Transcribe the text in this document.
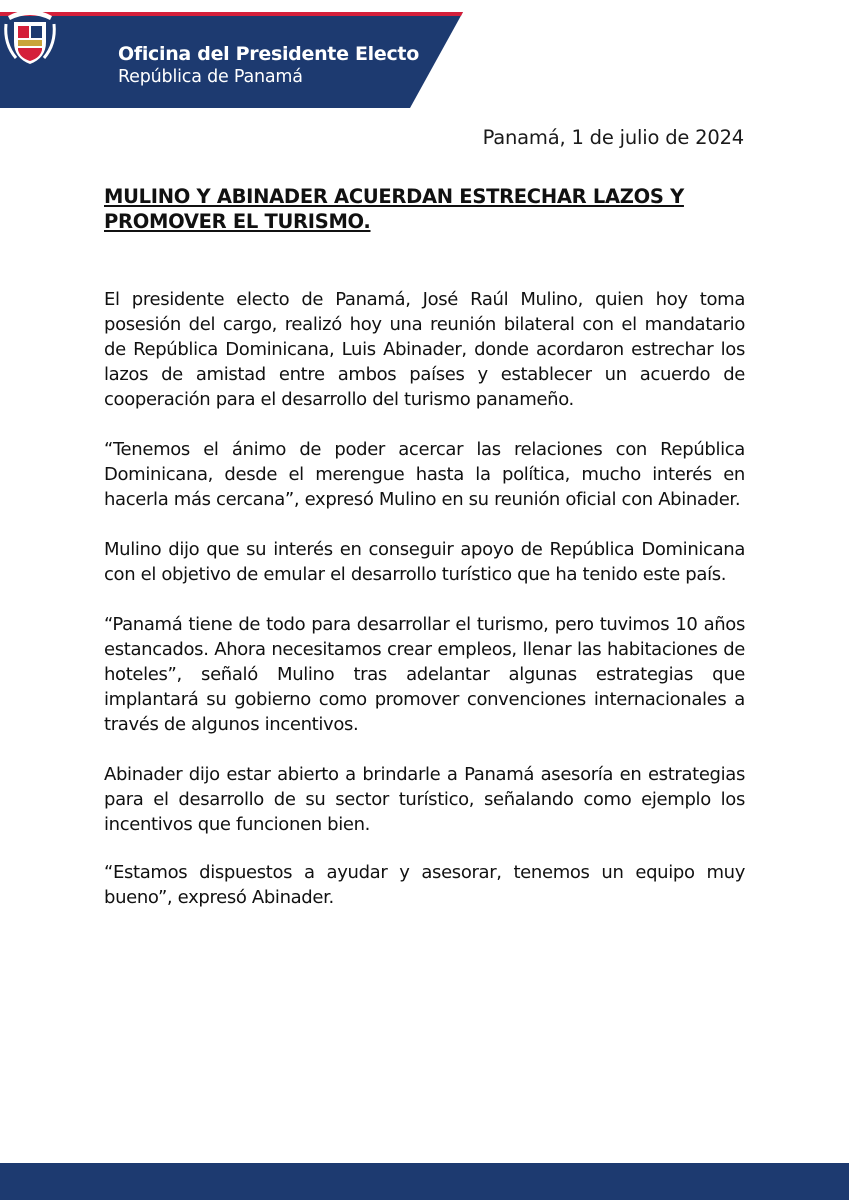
Oficina del Presidente Electo
República de Panamá
Panamá, 1 de julio de 2024
MULINO Y ABINADER ACUERDAN ESTRECHAR LAZOS Y PROMOVER EL TURISMO.

El presidente electo de Panamá, José Raúl Mulino, quien hoy toma posesión del cargo, realizó hoy una reunión bilateral con el mandatario de República Dominicana, Luis Abinader, donde acordaron estrechar los lazos de amistad entre ambos países y establecer un acuerdo de cooperación para el desarrollo del turismo panameño.

“Tenemos el ánimo de poder acercar las relaciones con República Dominicana, desde el merengue hasta la política, mucho interés en hacerla más cercana”, expresó Mulino en su reunión oficial con Abinader.

Mulino dijo que su interés en conseguir apoyo de República Dominicana con el objetivo de emular el desarrollo turístico que ha tenido este país.

“Panamá tiene de todo para desarrollar el turismo, pero tuvimos 10 años estancados. Ahora necesitamos crear empleos, llenar las habitaciones de hoteles”, señaló Mulino tras adelantar algunas estrategias que implantará su gobierno como promover convenciones internacionales a través de algunos incentivos.

Abinader dijo estar abierto a brindarle a Panamá asesoría en estrategias para el desarrollo de su sector turístico, señalando como ejemplo los incentivos que funcionen bien.

“Estamos dispuestos a ayudar y asesorar, tenemos un equipo muy bueno”, expresó Abinader.
